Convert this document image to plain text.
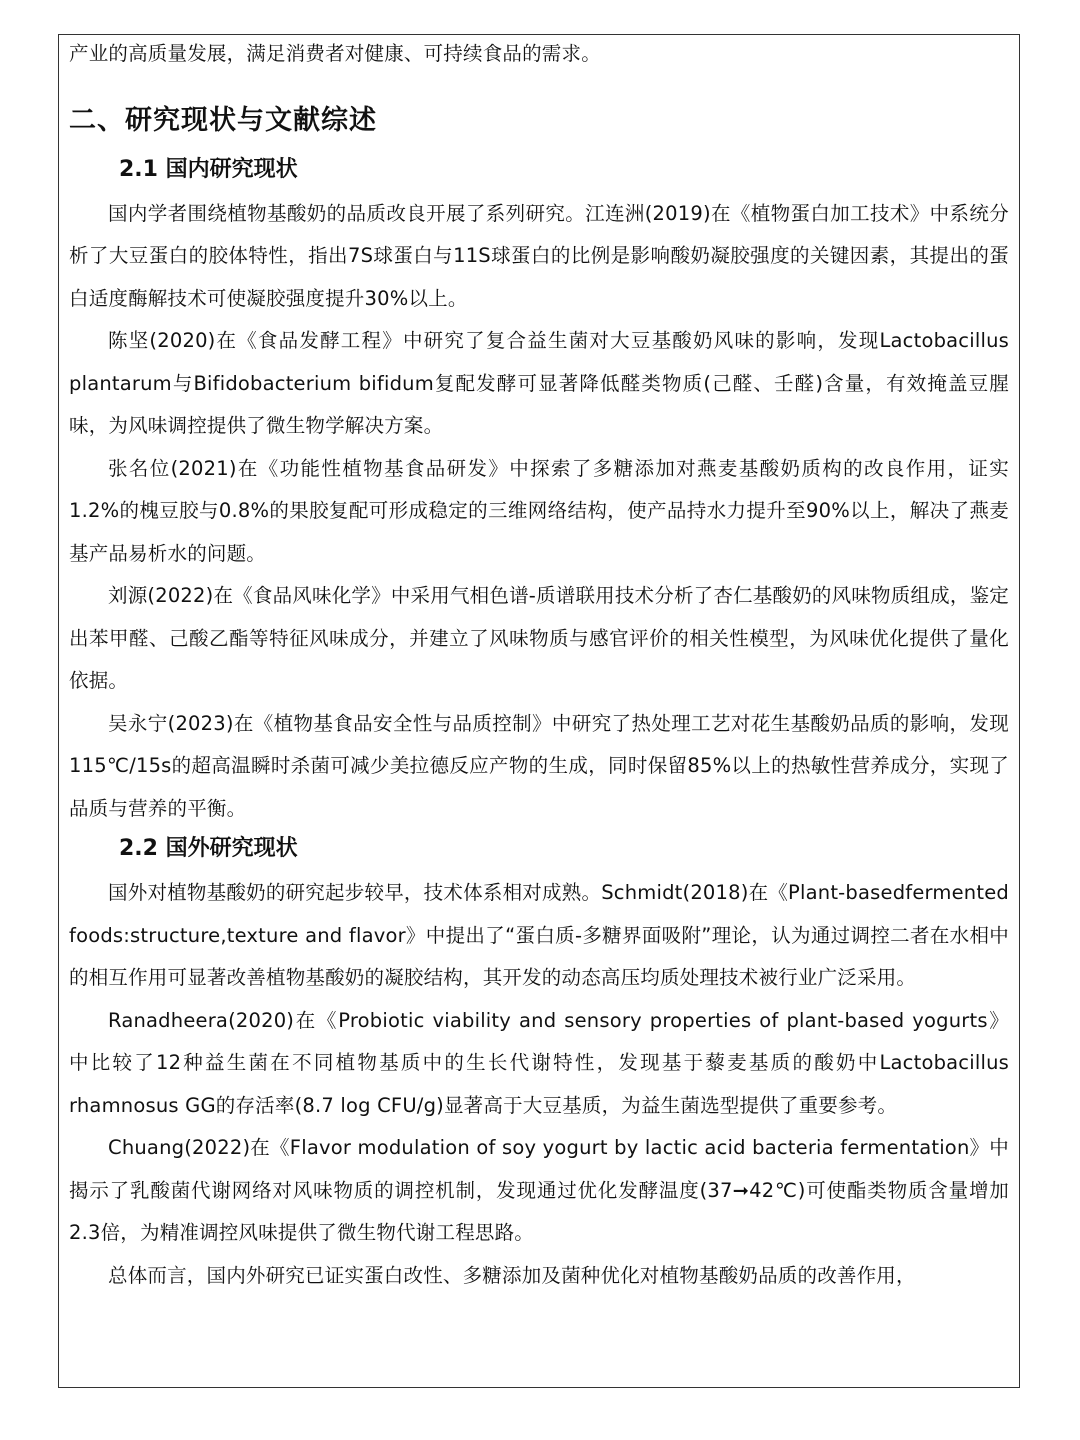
产业的高质量发展，满足消费者对健康、可持续食品的需求。

二、研究现状与文献综述
2.1 国内研究现状

国内学者围绕植物基酸奶的品质改良开展了系列研究。江连洲(2019)在《植物蛋白加工技术》中系统分析了大豆蛋白的胶体特性，指出7S球蛋白与11S球蛋白的比例是影响酸奶凝胶强度的关键因素，其提出的蛋白适度酶解技术可使凝胶强度提升30%以上。

陈坚(2020)在《食品发酵工程》中研究了复合益生菌对大豆基酸奶风味的影响，发现Lactobacillus plantarum与Bifidobacterium bifidum复配发酵可显著降低醛类物质(己醛、壬醛)含量，有效掩盖豆腥味，为风味调控提供了微生物学解决方案。

张名位(2021)在《功能性植物基食品研发》中探索了多糖添加对燕麦基酸奶质构的改良作用，证实1.2%的槐豆胶与0.8%的果胶复配可形成稳定的三维网络结构，使产品持水力提升至90%以上，解决了燕麦基产品易析水的问题。

刘源(2022)在《食品风味化学》中采用气相色谱-质谱联用技术分析了杏仁基酸奶的风味物质组成，鉴定出苯甲醛、己酸乙酯等特征风味成分，并建立了风味物质与感官评价的相关性模型，为风味优化提供了量化依据。

吴永宁(2023)在《植物基食品安全性与品质控制》中研究了热处理工艺对花生基酸奶品质的影响，发现115℃/15s的超高温瞬时杀菌可减少美拉德反应产物的生成，同时保留85%以上的热敏性营养成分，实现了品质与营养的平衡。

2.2 国外研究现状

国外对植物基酸奶的研究起步较早，技术体系相对成熟。Schmidt(2018)在《Plant-basedfermented foods:structure,texture and flavor》中提出了“蛋白质-多糖界面吸附”理论，认为通过调控二者在水相中的相互作用可显著改善植物基酸奶的凝胶结构，其开发的动态高压均质处理技术被行业广泛采用。

Ranadheera(2020)在《Probiotic viability and sensory properties of plant-based yogurts》中比较了12种益生菌在不同植物基质中的生长代谢特性，发现基于藜麦基质的酸奶中Lactobacillus rhamnosus GG的存活率(8.7 log CFU/g)显著高于大豆基质，为益生菌选型提供了重要参考。

Chuang(2022)在《Flavor modulation of soy yogurt by lactic acid bacteria fermentation》中揭示了乳酸菌代谢网络对风味物质的调控机制，发现通过优化发酵温度(37➞42℃)可使酯类物质含量增加2.3倍，为精准调控风味提供了微生物代谢工程思路。

总体而言，国内外研究已证实蛋白改性、多糖添加及菌种优化对植物基酸奶品质的改善作用，
